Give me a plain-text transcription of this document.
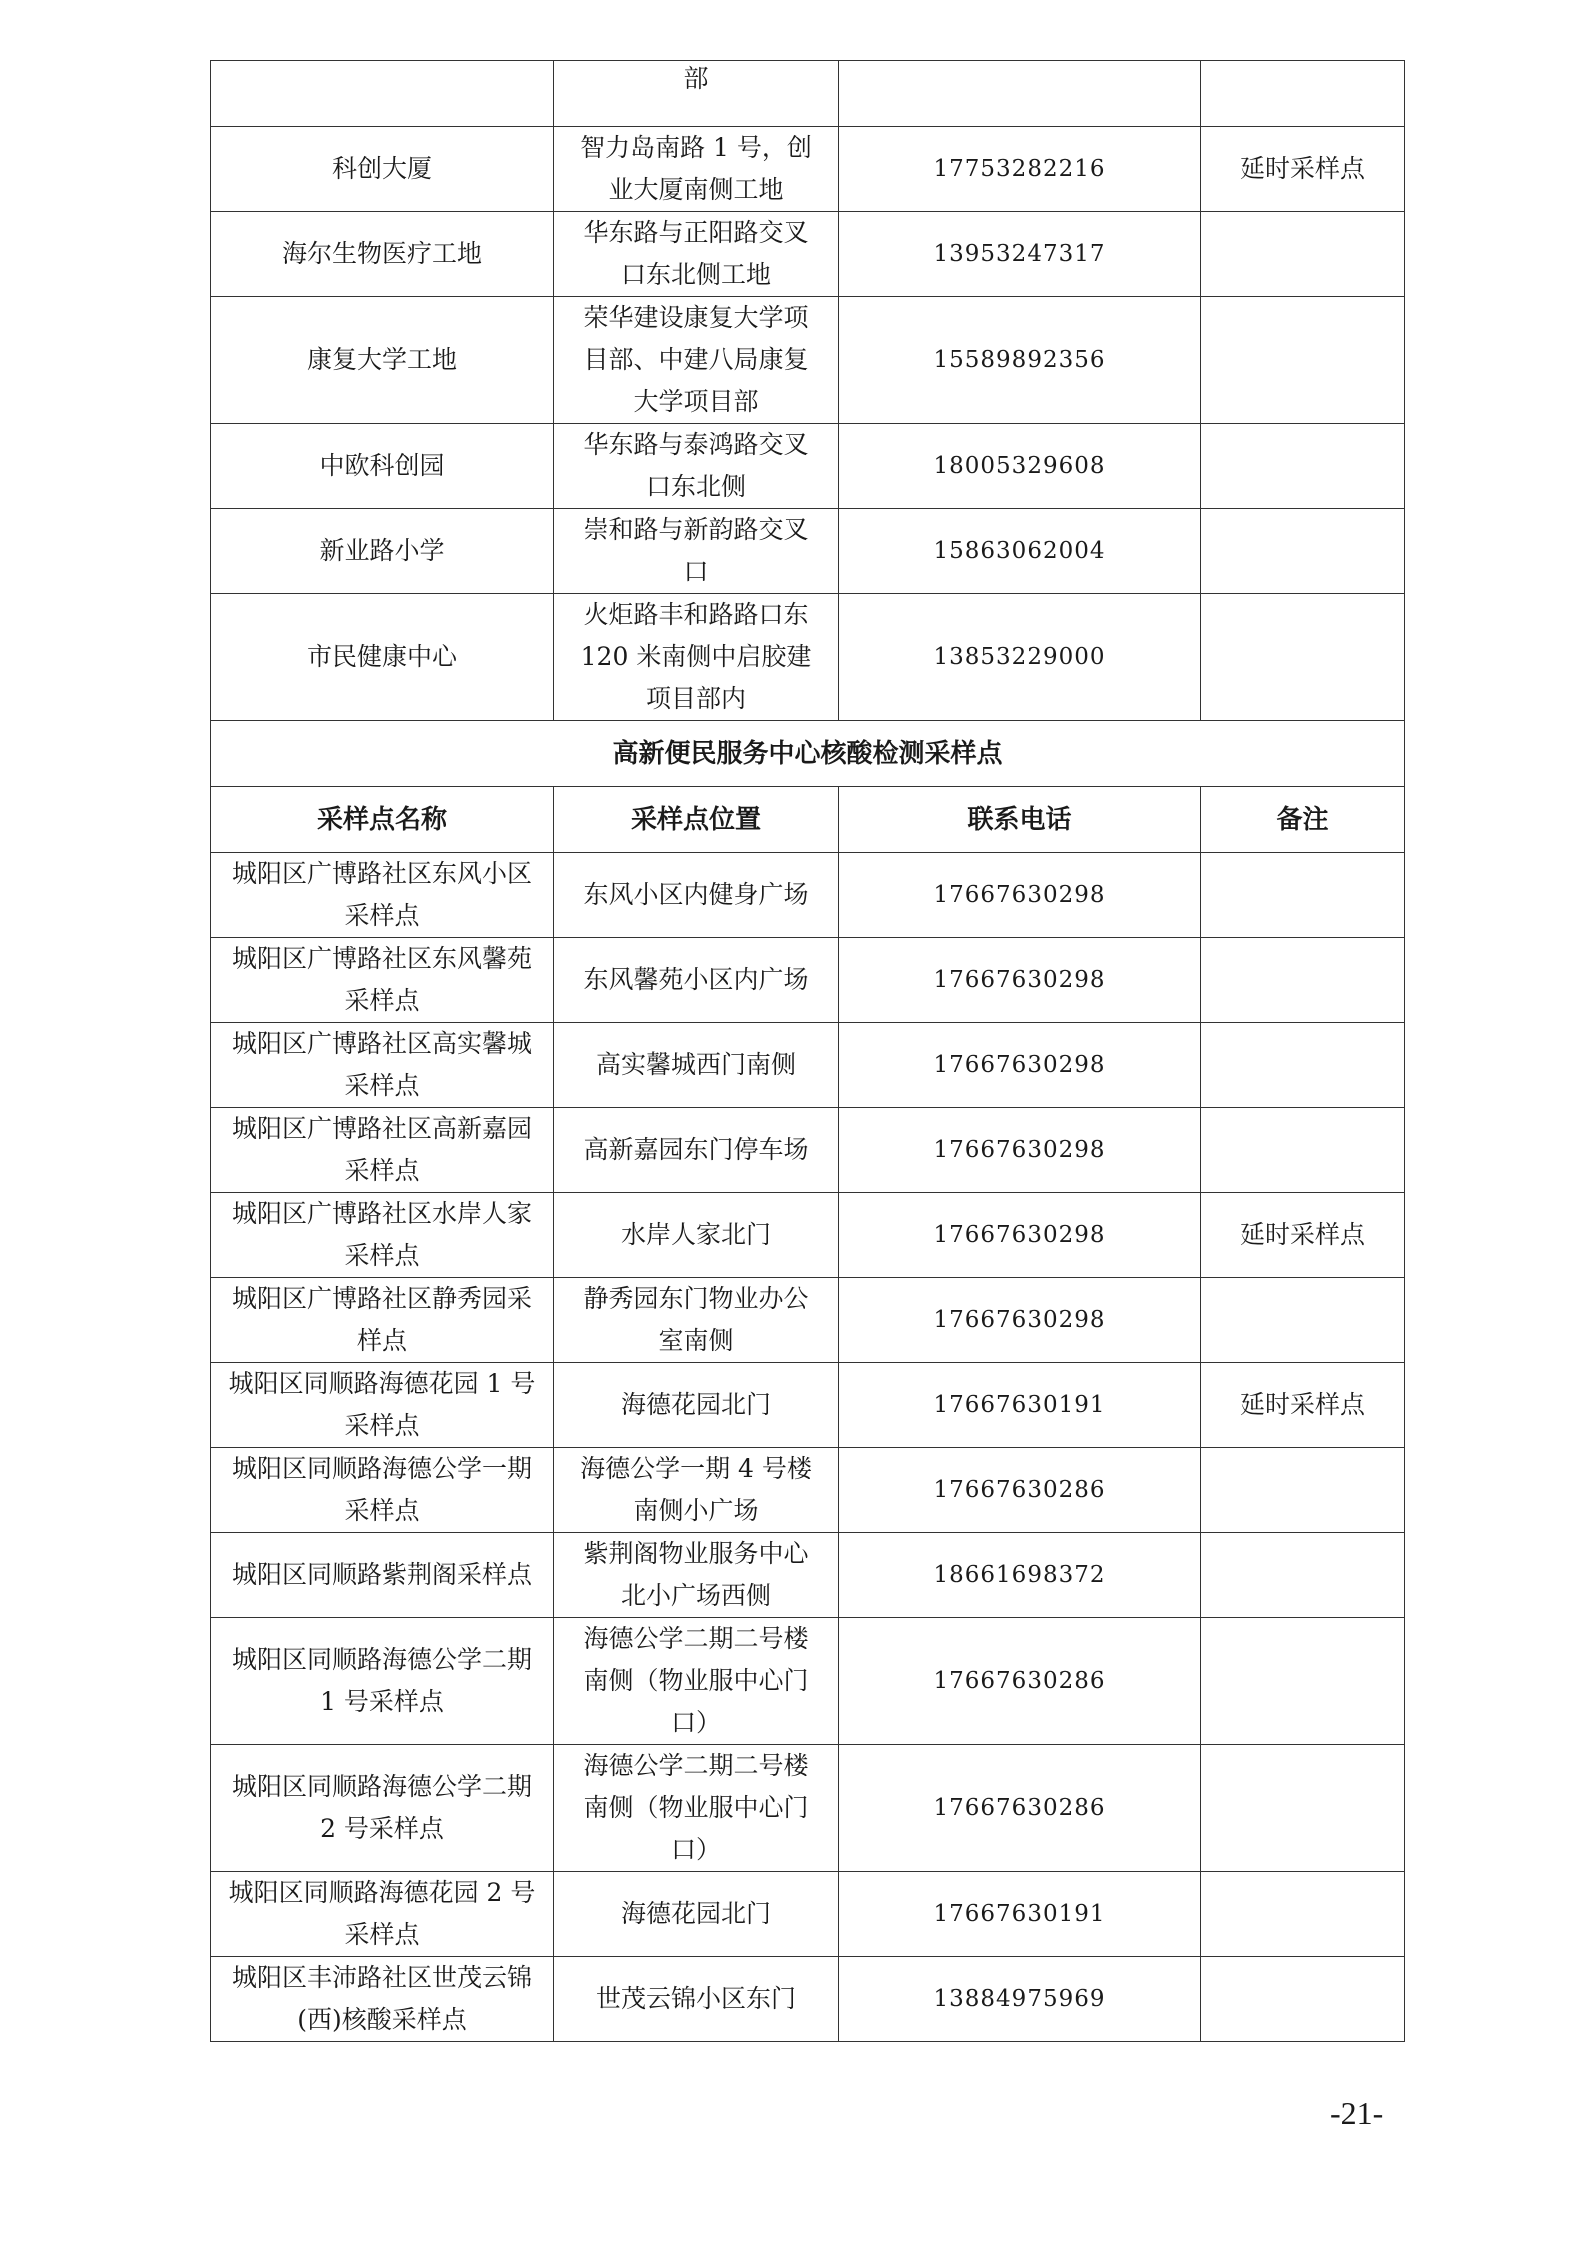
	部		
科创大厦	智力岛南路 1 号，创业大厦南侧工地	17753282216	延时采样点
海尔生物医疗工地	华东路与正阳路交叉口东北侧工地	13953247317	
康复大学工地	荣华建设康复大学项目部、中建八局康复大学项目部	15589892356	
中欧科创园	华东路与泰鸿路交叉口东北侧	18005329608	
新业路小学	崇和路与新韵路交叉口	15863062004	
市民健康中心	火炬路丰和路路口东 120 米南侧中启胶建项目部内	13853229000	
高新便民服务中心核酸检测采样点			
采样点名称	采样点位置	联系电话	备注
城阳区广博路社区东风小区采样点	东风小区内健身广场	17667630298	
城阳区广博路社区东风馨苑采样点	东风馨苑小区内广场	17667630298	
城阳区广博路社区高实馨城采样点	高实馨城西门南侧	17667630298	
城阳区广博路社区高新嘉园采样点	高新嘉园东门停车场	17667630298	
城阳区广博路社区水岸人家采样点	水岸人家北门	17667630298	延时采样点
城阳区广博路社区静秀园采样点	静秀园东门物业办公室南侧	17667630298	
城阳区同顺路海德花园 1 号采样点	海德花园北门	17667630191	延时采样点
城阳区同顺路海德公学一期采样点	海德公学一期 4 号楼南侧小广场	17667630286	
城阳区同顺路紫荆阁采样点	紫荆阁物业服务中心北小广场西侧	18661698372	
城阳区同顺路海德公学二期 1 号采样点	海德公学二期二号楼南侧（物业服中心门口）	17667630286	
城阳区同顺路海德公学二期 2 号采样点	海德公学二期二号楼南侧（物业服中心门口）	17667630286	
城阳区同顺路海德花园 2 号采样点	海德花园北门	17667630191	
城阳区丰沛路社区世茂云锦(西)核酸采样点	世茂云锦小区东门	13884975969	
-21-
